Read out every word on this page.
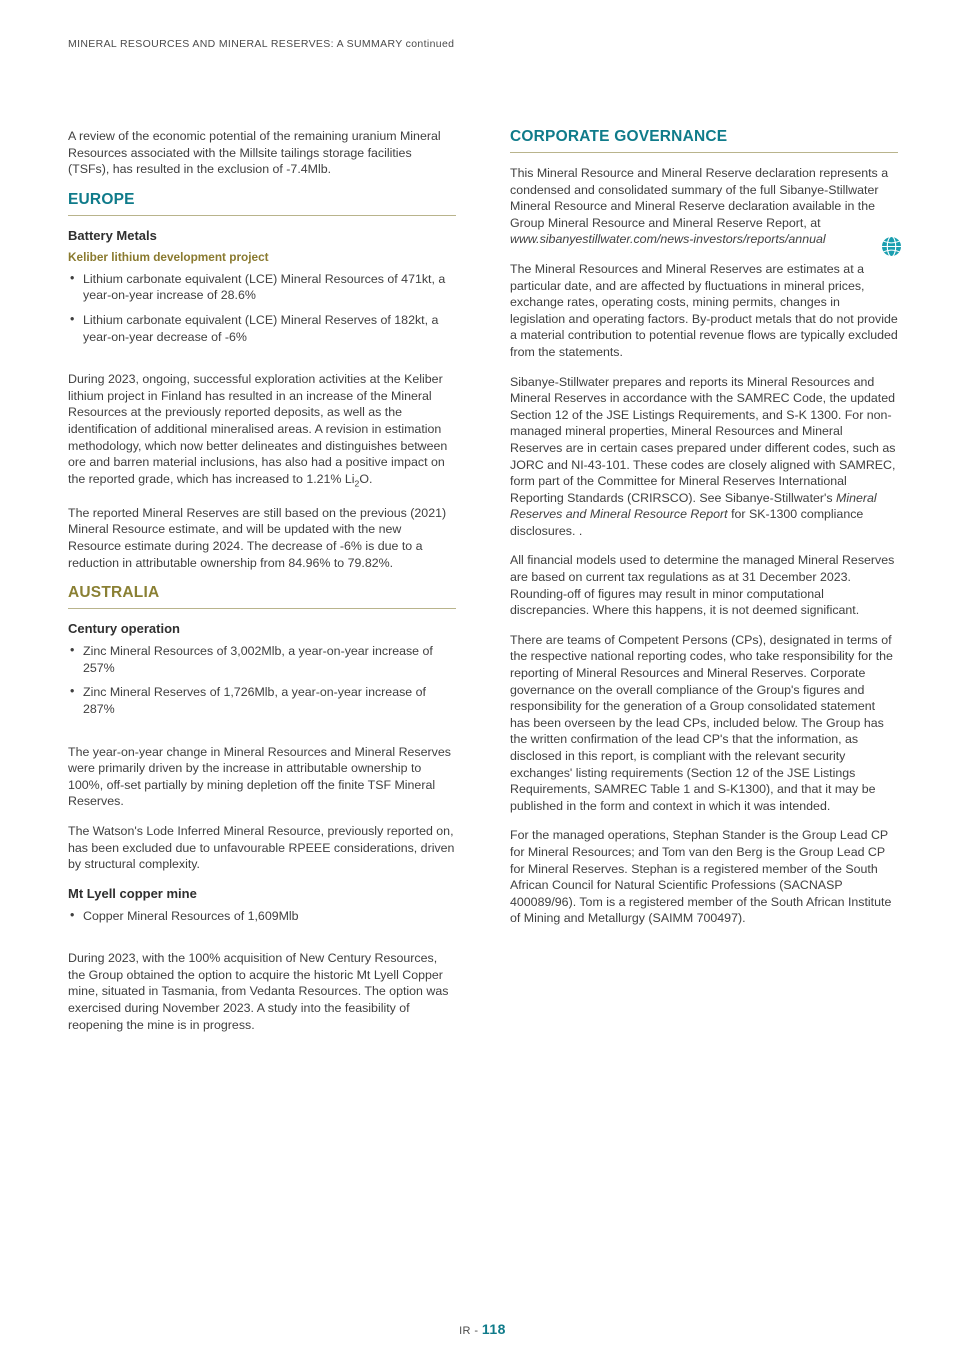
MINERAL RESOURCES AND MINERAL RESERVES: A SUMMARY continued

A review of the economic potential of the remaining uranium Mineral Resources associated with the Millsite tailings storage facilities (TSFs), has resulted in the exclusion of -7.4Mlb.

EUROPE
Battery Metals
Keliber lithium development project
• Lithium carbonate equivalent (LCE) Mineral Resources of 471kt, a year-on-year increase of 28.6%
• Lithium carbonate equivalent (LCE) Mineral Reserves of 182kt, a year-on-year decrease of -6%

During 2023, ongoing, successful exploration activities at the Keliber lithium project in Finland has resulted in an increase of the Mineral Resources at the previously reported deposits, as well as the identification of additional mineralised areas. A revision in estimation methodology, which now better delineates and distinguishes between ore and barren material inclusions, has also had a positive impact on the reported grade, which has increased to 1.21% $Li_2O$.

The reported Mineral Reserves are still based on the previous (2021) Mineral Resource estimate, and will be updated with the new Resource estimate during 2024. The decrease of -6% is due to a reduction in attributable ownership from 84.96% to 79.82%.

AUSTRALIA
Century operation
• Zinc Mineral Resources of 3,002Mlb, a year-on-year increase of 257%
• Zinc Mineral Reserves of 1,726Mlb, a year-on-year increase of 287%

The year-on-year change in Mineral Resources and Mineral Reserves were primarily driven by the increase in attributable ownership to 100%, off-set partially by mining depletion off the finite TSF Mineral Reserves.

The Watson's Lode Inferred Mineral Resource, previously reported on, has been excluded due to unfavourable RPEEE considerations, driven by structural complexity.

Mt Lyell copper mine
• Copper Mineral Resources of 1,609Mlb

During 2023, with the 100% acquisition of New Century Resources, the Group obtained the option to acquire the historic Mt Lyell Copper mine, situated in Tasmania, from Vedanta Resources. The option was exercised during November 2023. A study into the feasibility of reopening the mine is in progress.

CORPORATE GOVERNANCE

This Mineral Resource and Mineral Reserve declaration represents a condensed and consolidated summary of the full Sibanye-Stillwater Mineral Resource and Mineral Reserve declaration available in the Group Mineral Resource and Mineral Reserve Report, at www.sibanyestillwater.com/news-investors/reports/annual

The Mineral Resources and Mineral Reserves are estimates at a particular date, and are affected by fluctuations in mineral prices, exchange rates, operating costs, mining permits, changes in legislation and operating factors. By-product metals that do not provide a material contribution to potential revenue flows are typically excluded from the statements.

Sibanye-Stillwater prepares and reports its Mineral Resources and Mineral Reserves in accordance with the SAMREC Code, the updated Section 12 of the JSE Listings Requirements, and S-K 1300. For non-managed mineral properties, Mineral Resources and Mineral Reserves are in certain cases prepared under different codes, such as JORC and NI-43-101. These codes are closely aligned with SAMREC, form part of the Committee for Mineral Reserves International Reporting Standards (CRIRSCO). See Sibanye-Stillwater's Mineral Reserves and Mineral Resource Report for SK-1300 compliance disclosures. .

All financial models used to determine the managed Mineral Reserves are based on current tax regulations as at 31 December 2023. Rounding-off of figures may result in minor computational discrepancies. Where this happens, it is not deemed significant.

There are teams of Competent Persons (CPs), designated in terms of the respective national reporting codes, who take responsibility for the reporting of Mineral Resources and Mineral Reserves. Corporate governance on the overall compliance of the Group's figures and responsibility for the generation of a Group consolidated statement has been overseen by the lead CPs, included below. The Group has the written confirmation of the lead CP's that the information, as disclosed in this report, is compliant with the relevant security exchanges' listing requirements (Section 12 of the JSE Listings Requirements, SAMREC Table 1 and S-K1300), and that it may be published in the form and context in which it was intended.

For the managed operations, Stephan Stander is the Group Lead CP for Mineral Resources; and Tom van den Berg is the Group Lead CP for Mineral Reserves. Stephan is a registered member of the South African Council for Natural Scientific Professions (SACNASP 400089/96). Tom is a registered member of the South African Institute of Mining and Metallurgy (SAIMM 700497).

IR - 118
